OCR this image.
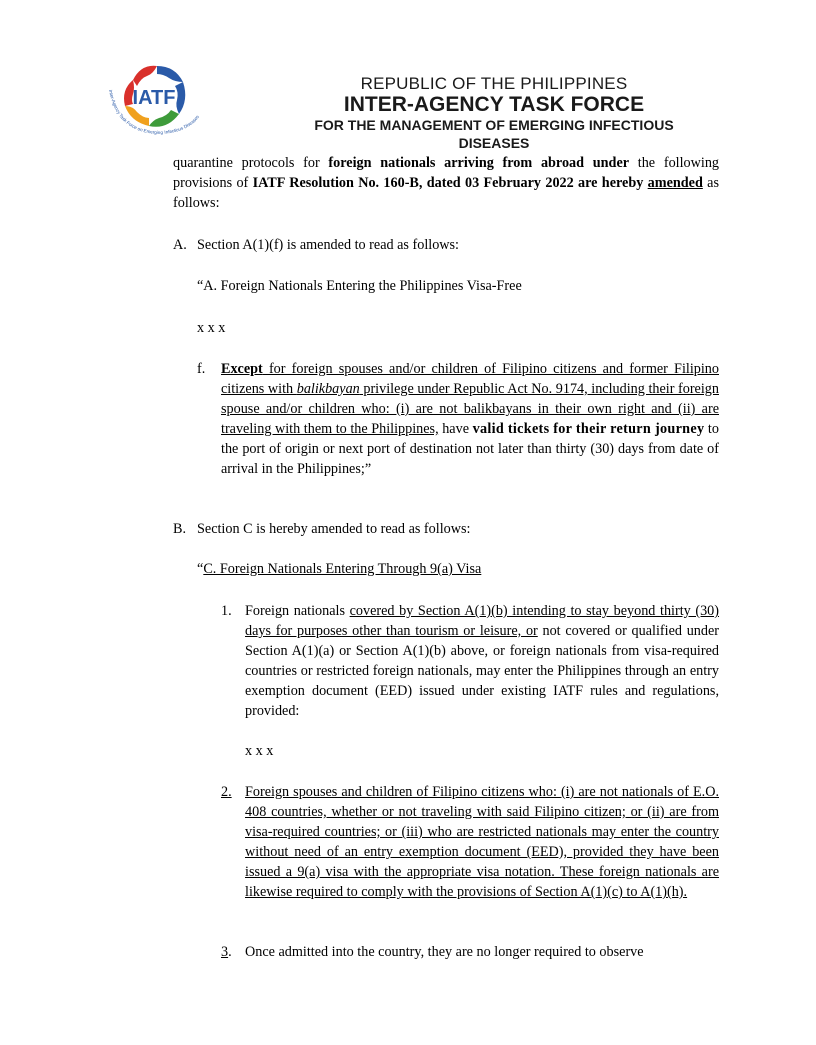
IATF
Inter-Agency Task Force on Emerging Infectious Diseases
REPUBLIC OF THE PHILIPPINES
INTER-AGENCY TASK FORCE
FOR THE MANAGEMENT OF EMERGING INFECTIOUS DISEASES

quarantine protocols for foreign nationals arriving from abroad under the following provisions of IATF Resolution No. 160-B, dated 03 February 2022 are hereby amended as follows:

A. Section A(1)(f) is amended to read as follows:

“A. Foreign Nationals Entering the Philippines Visa-Free

x x x

f. Except for foreign spouses and/or children of Filipino citizens and former Filipino citizens with balikbayan privilege under Republic Act No. 9174, including their foreign spouse and/or children who: (i) are not balikbayans in their own right and (ii) are traveling with them to the Philippines, have valid tickets for their return journey to the port of origin or next port of destination not later than thirty (30) days from date of arrival in the Philippines;”
B. Section C is hereby amended to read as follows:

“C. Foreign Nationals Entering Through 9(a) Visa

1. Foreign nationals covered by Section A(1)(b) intending to stay beyond thirty (30) days for purposes other than tourism or leisure, or not covered or qualified under Section A(1)(a) or Section A(1)(b) above, or foreign nationals from visa-required countries or restricted foreign nationals, may enter the Philippines through an entry exemption document (EED) issued under existing IATF rules and regulations, provided:

x x x

2. Foreign spouses and children of Filipino citizens who: (i) are not nationals of E.O. 408 countries, whether or not traveling with said Filipino citizen; or (ii) are from visa-required countries; or (iii) who are restricted nationals may enter the country without need of an entry exemption document (EED), provided they have been issued a 9(a) visa with the appropriate visa notation. These foreign nationals are likewise required to comply with the provisions of Section A(1)(c) to A(1)(h).
3. Once admitted into the country, they are no longer required to observe
